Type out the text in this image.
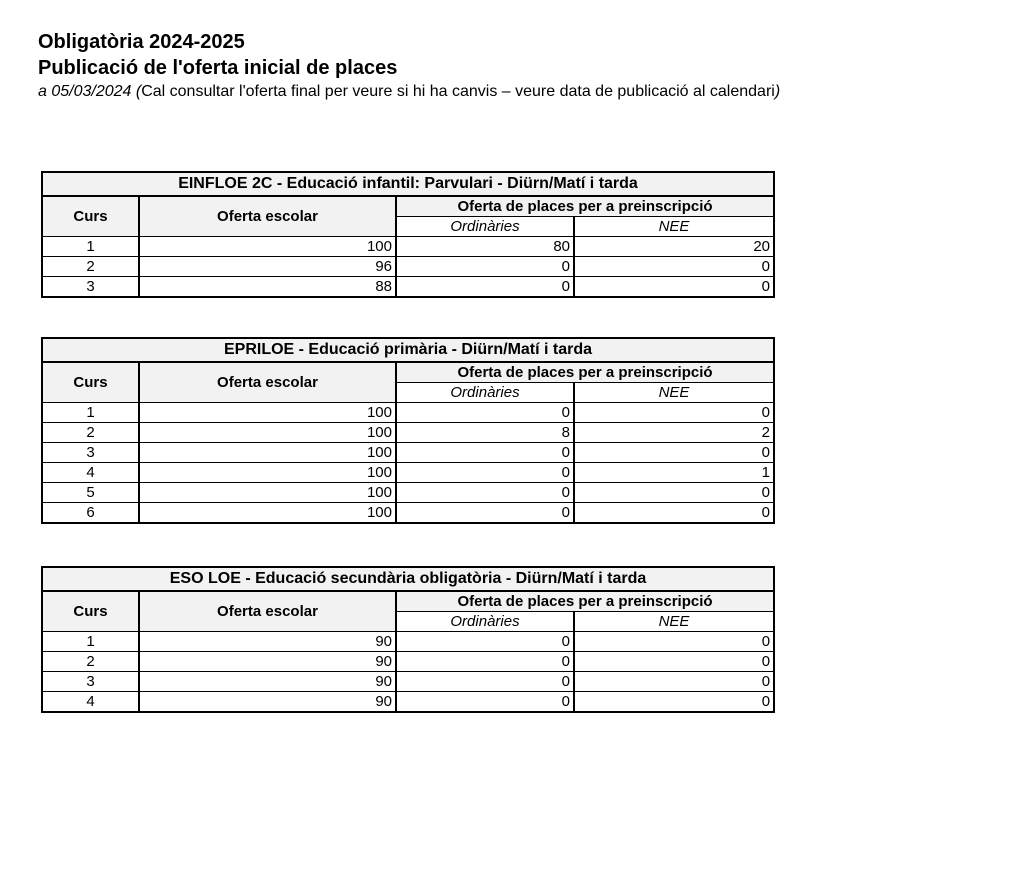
Obligatòria 2024-2025
Publicació de l'oferta inicial de places
a 05/03/2024 (Cal consultar l'oferta final per veure si hi ha canvis – veure data de publicació al calendari)
EINFLOE 2C - Educació infantil: Parvulari - Diürn/Matí i tarda			
Curs	Oferta escolar	Oferta de places per a preinscripció	
		Ordinàries	NEE
1	100	80	20
2	96	0	0
3	88	0	0
EPRILOE - Educació primària - Diürn/Matí i tarda			
Curs	Oferta escolar	Oferta de places per a preinscripció	
		Ordinàries	NEE
1	100	0	0
2	100	8	2
3	100	0	0
4	100	0	1
5	100	0	0
6	100	0	0
ESO LOE - Educació secundària obligatòria - Diürn/Matí i tarda			
Curs	Oferta escolar	Oferta de places per a preinscripció	
		Ordinàries	NEE
1	90	0	0
2	90	0	0
3	90	0	0
4	90	0	0
